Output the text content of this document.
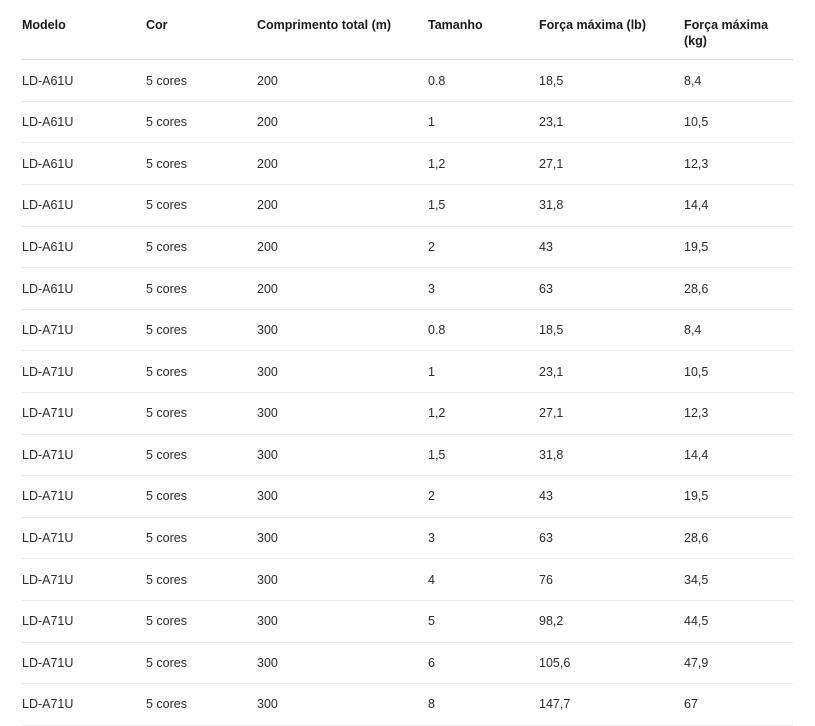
Modelo	Cor	Comprimento total (m)	Tamanho	Força máxima (lb)	Força máxima (kg)

LD-A61U	5 cores	200	0.8	18,5	8,4
LD-A61U	5 cores	200	1	23,1	10,5
LD-A61U	5 cores	200	1,2	27,1	12,3
LD-A61U	5 cores	200	1,5	31,8	14,4
LD-A61U	5 cores	200	2	43	19,5
LD-A61U	5 cores	200	3	63	28,6
LD-A71U	5 cores	300	0.8	18,5	8,4
LD-A71U	5 cores	300	1	23,1	10,5
LD-A71U	5 cores	300	1,2	27,1	12,3
LD-A71U	5 cores	300	1,5	31,8	14,4
LD-A71U	5 cores	300	2	43	19,5
LD-A71U	5 cores	300	3	63	28,6
LD-A71U	5 cores	300	4	76	34,5
LD-A71U	5 cores	300	5	98,2	44,5
LD-A71U	5 cores	300	6	105,6	47,9
LD-A71U	5 cores	300	8	147,7	67
